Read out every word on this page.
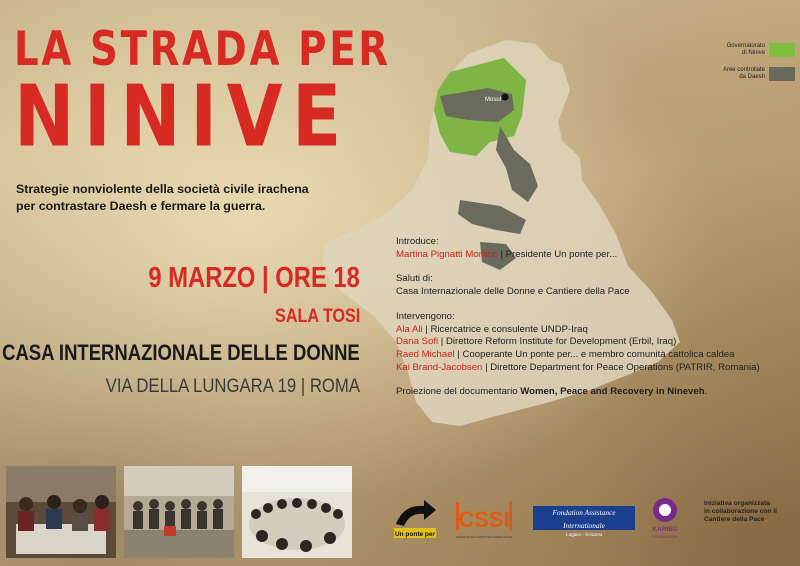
LA STRADA PER
NINIVE
Strategie nonviolente della società civile irachena
per contrastare Daesh e fermare la guerra.
Mosul
Governatorato
di Ninive
Aree controllate
da Daesh
9 MARZO | ORE 18
SALA TOSI
CASA INTERNAZIONALE DELLE DONNE
VIA DELLA LUNGARA 19 | ROMA

Introduce:

Martina Pignatti Morano | Presidente Un ponte per...

Saluti di:

Casa Internazionale delle Donne e Cantiere della Pace

Intervengono:

Ala Ali | Ricercatrice e consulente UNDP-Iraq

Dana Sofi | Direttore Reform Institute for Development (Erbil, Iraq)

Raed Michael | Cooperante Un ponte per... e membro comunità cattolica caldea

Kai Brand-Jacobsen | Direttore Department for Peace Operations (PATRIR, Romania)

Proiezione del documentario Women, Peace and Recovery in Nineveh.

Un ponte per
CSSI
CENTRO STUDI E SERVIZI PER L'INTERCULTURA
Fondation Assistance Internationale
Lugano - Svizzera
KARIBU
FOUNDATION
Iniziativa organizzata
in collaborazione con il
Cantiere della Pace
